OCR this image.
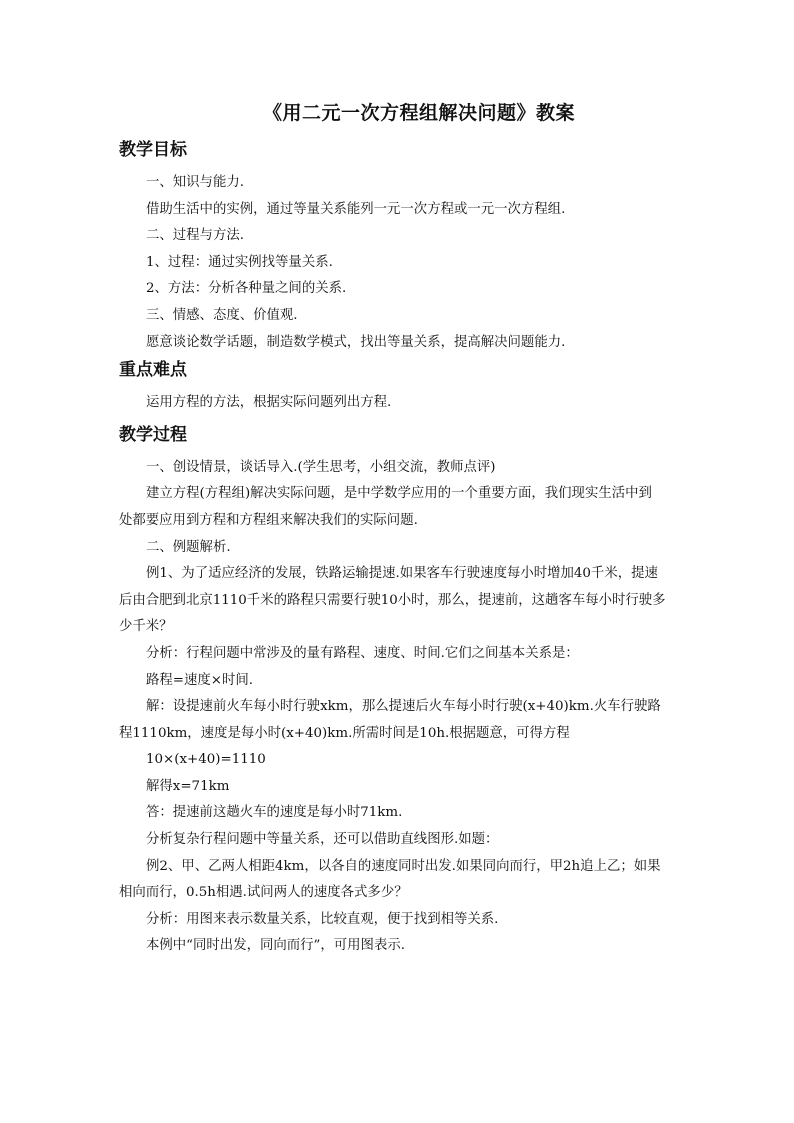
《用二元一次方程组解决问题》教案
教学目标

一、知识与能力.

借助生活中的实例，通过等量关系能列一元一次方程或一元一次方程组.

二、过程与方法.

1、过程：通过实例找等量关系.

2、方法：分析各种量之间的关系.

三、情感、态度、价值观.

愿意谈论数学话题，制造数学模式，找出等量关系，提高解决问题能力.

重点难点

运用方程的方法，根据实际问题列出方程.

教学过程

一、创设情景，谈话导入.(学生思考，小组交流，教师点评)

建立方程(方程组)解决实际问题，是中学数学应用的一个重要方面，我们现实生活中到

处都要应用到方程和方程组来解决我们的实际问题.

二、例题解析.

例1、为了适应经济的发展，铁路运输提速.如果客车行驶速度每小时增加40千米，提速

后由合肥到北京1110千米的路程只需要行驶10小时，那么，提速前，这趟客车每小时行驶多

少千米？

分析：行程问题中常涉及的量有路程、速度、时间.它们之间基本关系是：

路程=速度×时间.

解：设提速前火车每小时行驶xkm，那么提速后火车每小时行驶(x+40)km.火车行驶路

程1110km，速度是每小时(x+40)km.所需时间是10h.根据题意，可得方程

10×(x+40)=1110

解得x=71km

答：提速前这趟火车的速度是每小时71km.

分析复杂行程问题中等量关系，还可以借助直线图形.如题：

例2、甲、乙两人相距4km，以各自的速度同时出发.如果同向而行，甲2h追上乙；如果

相向而行，0.5h相遇.试问两人的速度各式多少？

分析：用图来表示数量关系，比较直观，便于找到相等关系.

本例中“同时出发，同向而行”，可用图表示.
